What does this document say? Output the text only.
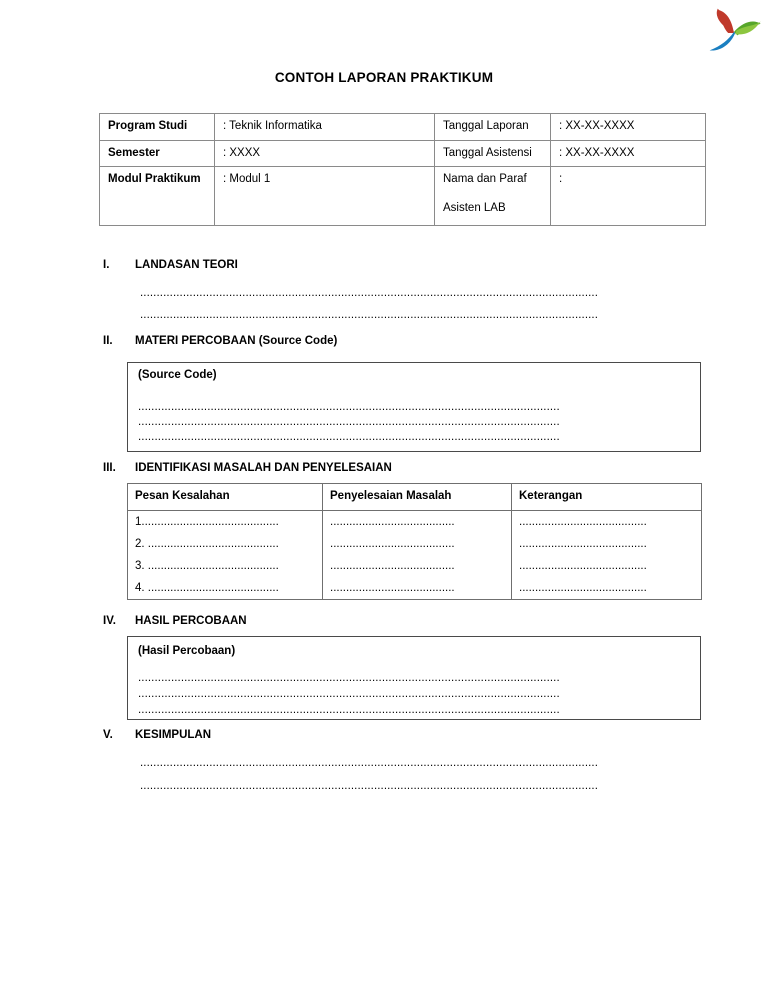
CONTOH LAPORAN PRAKTIKUM
Program Studi	: Teknik Informatika	Tanggal Laporan	: XX-XX-XXXX
Semester	: XXXX	Tanggal Asistensi	: XX-XX-XXXX
Modul Praktikum	: Modul 1	Nama dan Paraf
Asisten LAB	:
I. LANDASAN TEORI
...........................................................................................................................................
...........................................................................................................................................
II. MATERI PERCOBAAN (Source Code)
(Source Code)
................................................................................................................................
................................................................................................................................
................................................................................................................................
III. IDENTIFIKASI MASALAH DAN PENYELESAIAN
Pesan Kesalahan	Penyelesaian Masalah	Keterangan

1...........................................	.......................................	........................................

2. .........................................	.......................................	........................................

3. .........................................	.......................................	........................................

4. .........................................	.......................................	........................................
IV. HASIL PERCOBAAN
(Hasil Percobaan)
................................................................................................................................
................................................................................................................................
................................................................................................................................
V. KESIMPULAN
...........................................................................................................................................
...........................................................................................................................................
